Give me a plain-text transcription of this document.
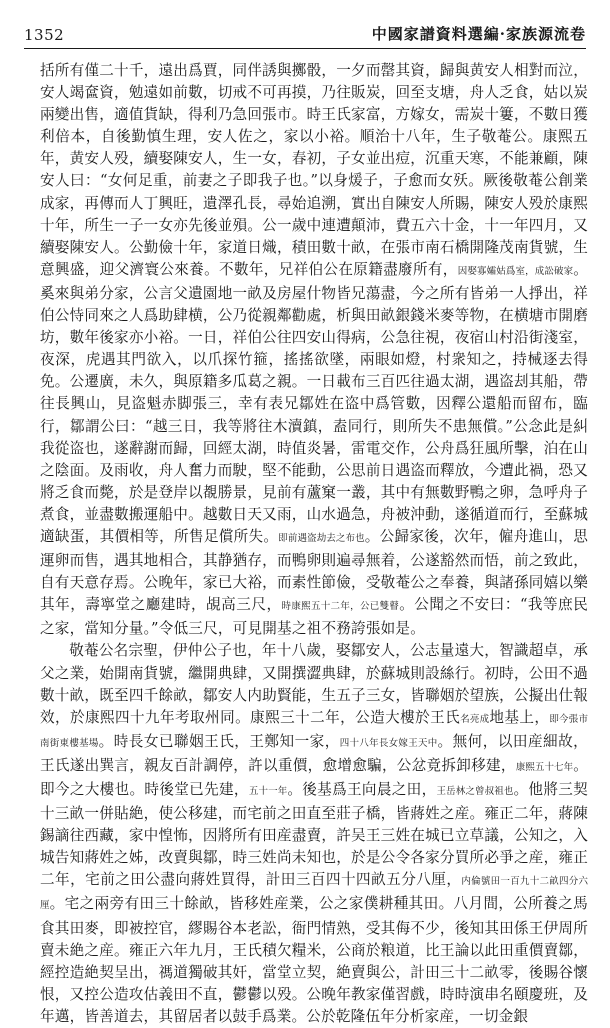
1352	中國家譜資料選編·家族源流卷

括所有僅二十千，遠出爲賈，同伴誘與擲骰，一夕而罄其資，歸與黄安人相對而泣，安人竭奩資，勉遠如前數，切戒不可再摸，乃往販炭，回至支塘，舟人乏食，姑以炭兩變出售，適值貨缺，得利乃急回張市。時王氏家富，方嫁女，需炭十簍，不數日獲利倍本，自後勤慎生理，安人佐之，家以小裕。順治十八年，生子敬菴公。康熙五年，黄安人殁，續娶陳安人，生一女，春初，子女並出痘，沉重天寒，不能兼顧，陳安人曰：“女何足重，前妻之子即我子也。”以身煖子，子愈而女殀。厥後敬菴公創業成家，再傳而人丁興旺，遺澤孔長，尋始追溯，實出自陳安人所賜，陳安人殁於康熙十年，所生一子一女亦先後並殞。公一歲中連遭顛沛，費五六十金，十一年四月，又續娶陳安人。公勤儉十年，家道日熾，積田數十畝，在張市南石橋開隆茂南貨號，生意興盛，迎父濟寰公來養。不數年，兄祥伯公在原籍盡廢所有，因娶寡孀姑爲室，成訟破家。奚來與弟分家，公言父遺園地一畝及房屋什物皆兄蕩盡，今之所有皆弟一人掙出，祥伯公恃同來之人爲助肆横，公乃從親鄰勸處，析與田畝銀錢米麥等物，在横塘市開磨坊，數年後家亦小裕。一日，祥伯公往四安山得病，公急往視，夜宿山村沿街淺室，夜深，虎遇其門欲入，以爪探竹箍，搖搖欲墜，兩眼如燈，村衆知之，持械逐去得免。公遷廣，未久，與原籍多瓜葛之親。一日載布三百匹往過太湖，遇盗刦其船，帶往長興山，見盗魁赤脚張三，幸有表兄鄒姓在盗中爲管數，因釋公還船而留布，臨行，鄒謂公曰：“越三日，我等將往木瀆鎮，盍同行，則所失不患無償。”公念此是糾我從盗也，遂辭謝而歸，回經太湖，時值炎暑，雷電交作，公舟爲狂風所擊，泊在山之陰面。及雨收，舟人奮力而駛，堅不能動，公思前日遇盗而釋放，今遭此禍，恐又將乏食而斃，於是登岸以覩勝景，見前有蘆窠一叢，其中有無數野鴨之卵，急呼舟子煮食，並盡數搬運船中。越數日天又雨，山水過急，舟被沖動，遂循道而行，至蘇城適缺蛋，其價相等，所售足償所失。即前遇盗劫去之布也。公歸家後，次年，僱舟進山，思運卵而售，遇其地相合，其静猶存，而鴨卵則遍尋無着，公遂豁然而悟，前之致此，自有天意存焉。公晚年，家已大裕，而素性節儉，受敬菴公之奉養，與諸孫同嬉以樂其年，壽寧堂之廳建時，覘高三尺，時康熙五十二年，公已雙瞽。公聞之不安曰：“我等庶民之家，當知分量。”令低三尺，可見開基之祖不務誇張如是。

敬菴公名宗聖，伊仲公子也，年十八歲，娶鄒安人，公志量遠大，智識超卓，承父之業，始開南貨號，繼開典肆，又開撰澀典肆，於蘇城則設絲行。初時，公田不過數十畝，既至四千餘畝，鄒安人内助賢能，生五子三女，皆聯姻於望族，公擬出仕報效，於康熙四十九年考取州同。康熙三十二年，公造大樓於王氏名亮成地基上，即今張市南街東樓基場。時長女已聯姻王氏，王鄭知一家，四十八年長女嫁王天中。無何，以田産細故，王氏遂出巽言，親友百計調停，許以重價，愈增愈騙，公忿竟拆卸移建，康熙五十七年。即今之大樓也。時後堂已先建，五十一年。後基爲王向晨之田，王岳林之曾叔祖也。他將三契十三畝一併貼絶，使公移建，而宅前之田直至莊子橋，皆蔣姓之産。雍正二年，蔣陳錫謫往西藏，家中惶怖，因將所有田産盡賣，許吴王三姓在城已立草議，公知之，入城告知蔣姓之姊，改賣與鄒，時三姓尚未知也，於是公令各家分買所必爭之産，雍正二年，宅前之田公盡向蔣姓買得，計田三百四十四畝五分八厘，内倫號田一百九十二畝四分六厘。宅之兩旁有田三十餘畝，皆移姓産業，公之家僕耕種其田。八月間，公所養之馬食其田麥，即被控官，繆賜谷本老訟，衙門情熟，受其侮不少，後知其田係王伊周所賣未絶之産。雍正六年九月，王氏積欠糧米，公商於粮道，比王論以此田重價賣鄒，經控造絶契呈出，禡道獨破其奸，當堂立契，絶賣與公，計田三十二畝零，後賜谷懷恨，又控公造攻估義田不直，鬱鬱以殁。公晚年教家僅習戲，時時演串名頤慶班，及年邁，皆善道去，其留居者以鼓手爲業。公於乾隆伍年分析家産，一切金銀
